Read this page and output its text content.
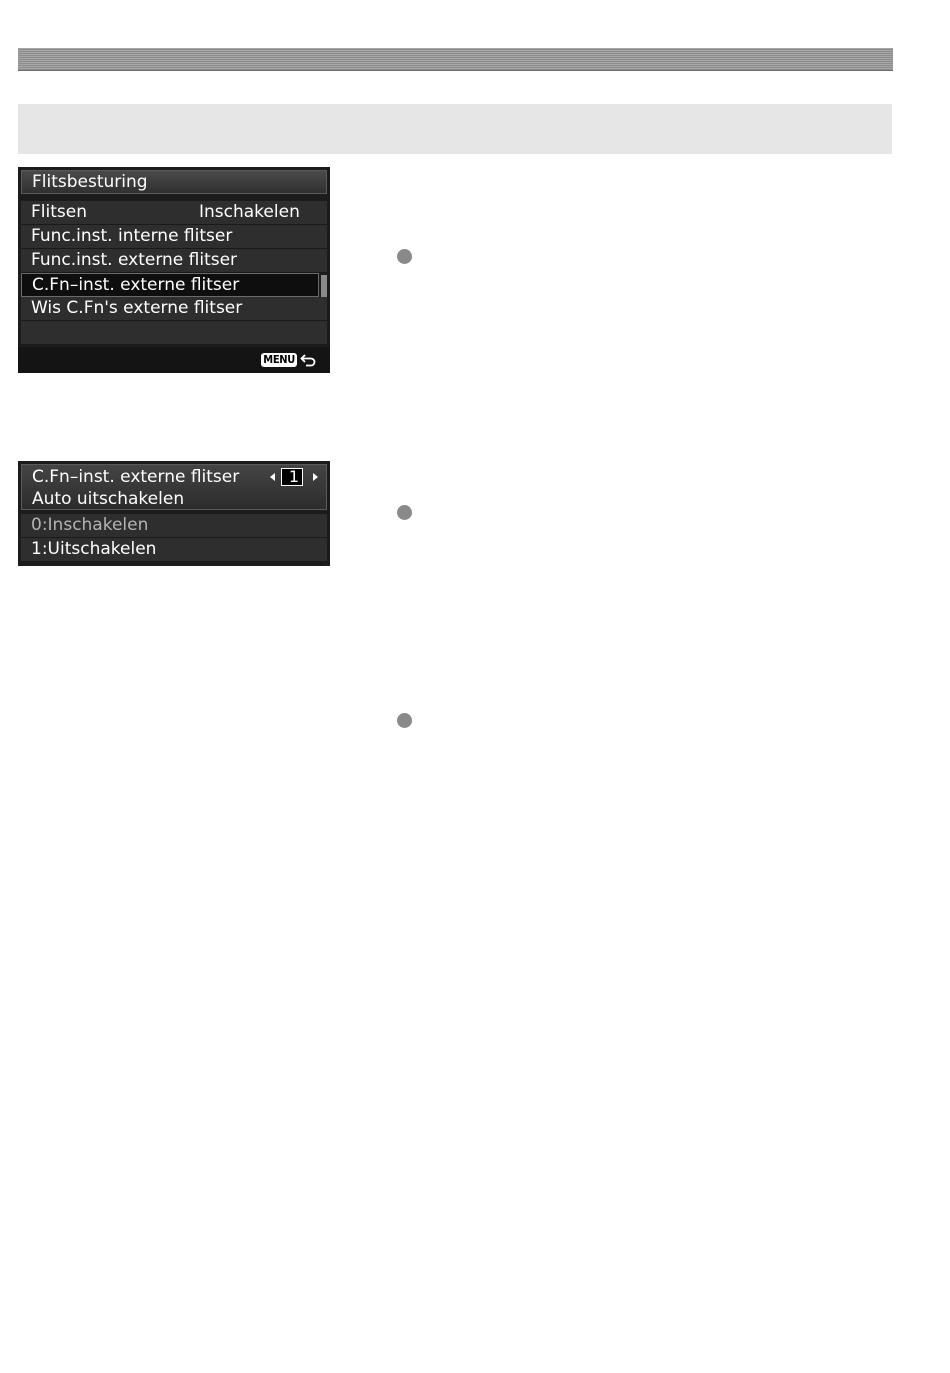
Flitsbesturing
Flitsen	Inschakelen
Func.inst. interne flitser
Func.inst. externe flitser
C.Fn–inst. externe flitser
Wis C.Fn's externe flitser
MENU
C.Fn–inst. externe flitser
Auto uitschakelen
1
0:Inschakelen
1:Uitschakelen
